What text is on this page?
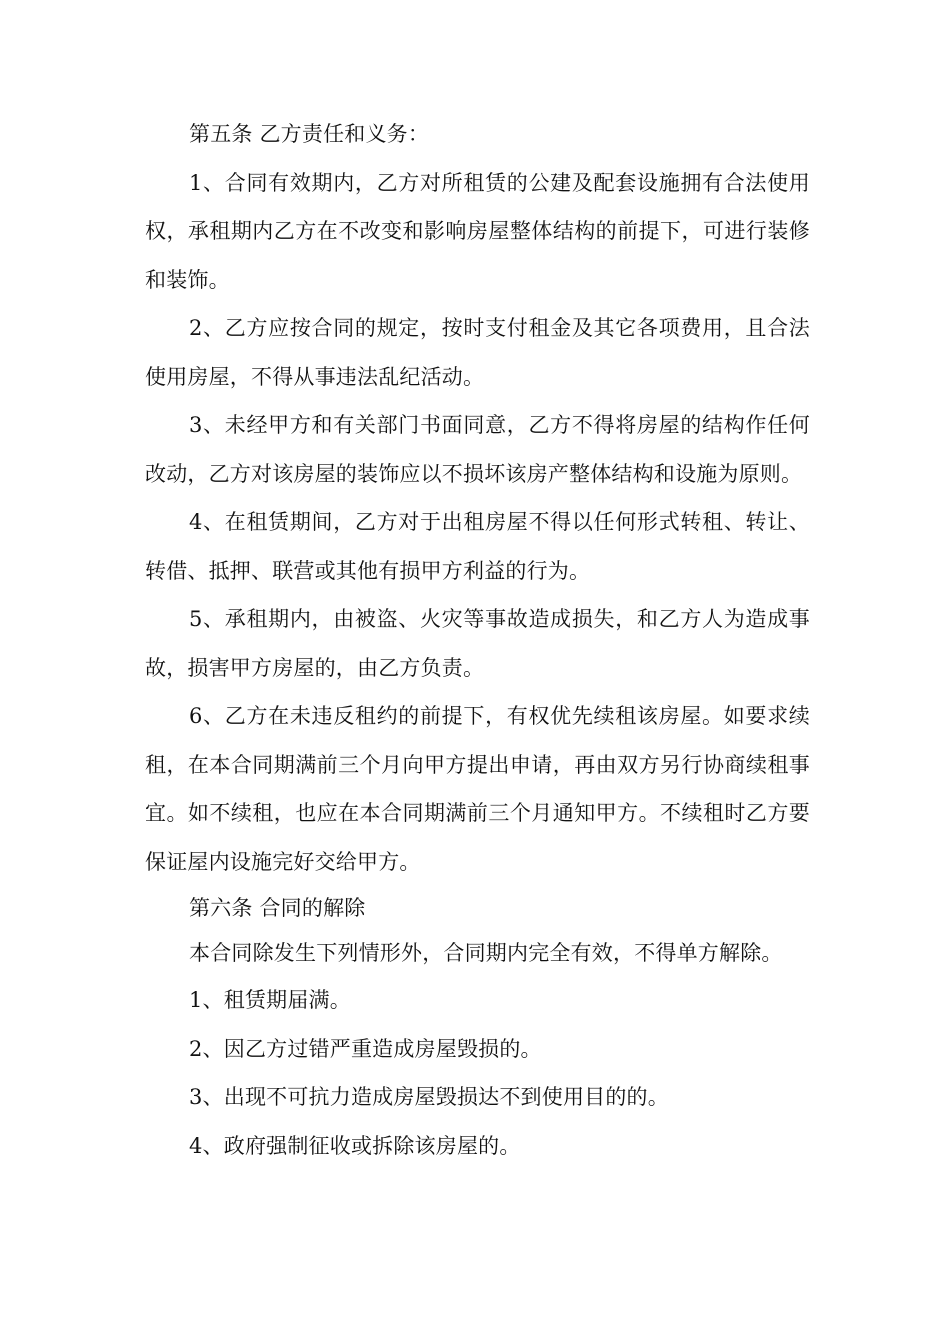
第五条 乙方责任和义务：

1、合同有效期内，乙方对所租赁的公建及配套设施拥有合法使用权，承租期内乙方在不改变和影响房屋整体结构的前提下，可进行装修和装饰。

2、乙方应按合同的规定，按时支付租金及其它各项费用，且合法使用房屋，不得从事违法乱纪活动。

3、未经甲方和有关部门书面同意，乙方不得将房屋的结构作任何改动，乙方对该房屋的装饰应以不损坏该房产整体结构和设施为原则。

4、在租赁期间，乙方对于出租房屋不得以任何形式转租、转让、转借、抵押、联营或其他有损甲方利益的行为。

5、承租期内，由被盗、火灾等事故造成损失，和乙方人为造成事故，损害甲方房屋的，由乙方负责。

6、乙方在未违反租约的前提下，有权优先续租该房屋。如要求续租，在本合同期满前三个月向甲方提出申请，再由双方另行协商续租事宜。如不续租，也应在本合同期满前三个月通知甲方。不续租时乙方要保证屋内设施完好交给甲方。

第六条 合同的解除

本合同除发生下列情形外，合同期内完全有效，不得单方解除。

1、租赁期届满。

2、因乙方过错严重造成房屋毁损的。

3、出现不可抗力造成房屋毁损达不到使用目的的。

4、政府强制征收或拆除该房屋的。
